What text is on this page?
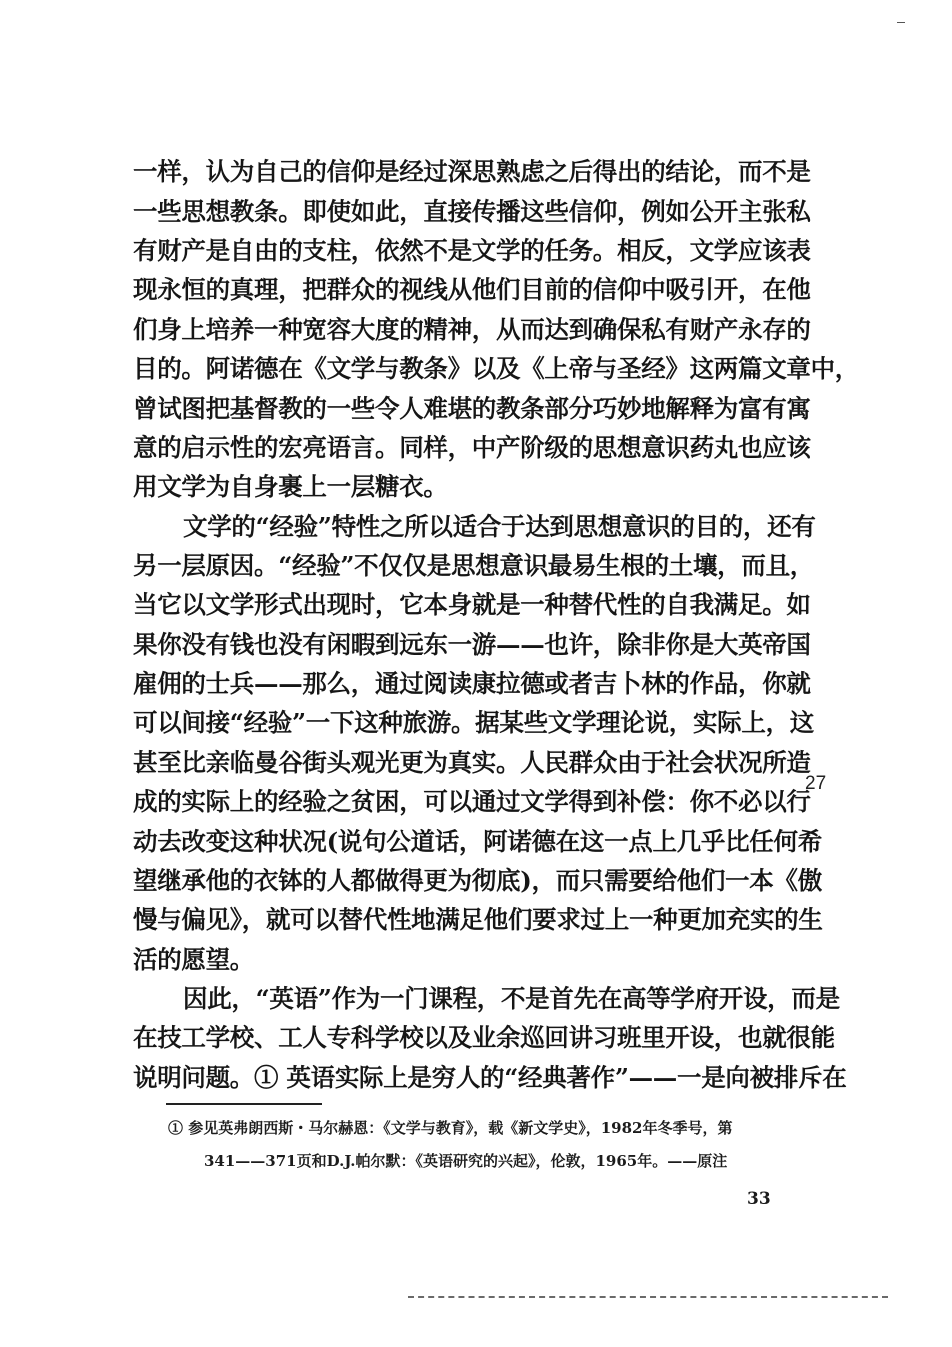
一样，认为自己的信仰是经过深思熟虑之后得出的结论，而不是
一些思想教条。即使如此，直接传播这些信仰，例如公开主张私
有财产是自由的支柱，依然不是文学的任务。相反，文学应该表
现永恒的真理，把群众的视线从他们目前的信仰中吸引开，在他
们身上培养一种宽容大度的精神，从而达到确保私有财产永存的
目的。阿诺德在《文学与教条》以及《上帝与圣经》这两篇文章中，
曾试图把基督教的一些令人难堪的教条部分巧妙地解释为富有寓
意的启示性的宏亮语言。同样，中产阶级的思想意识药丸也应该
用文学为自身裹上一层糖衣。
文学的“经验”特性之所以适合于达到思想意识的目的，还有
另一层原因。“经验”不仅仅是思想意识最易生根的土壤，而且，
当它以文学形式出现时，它本身就是一种替代性的自我满足。如
果你没有钱也没有闲暇到远东一游——也许，除非你是大英帝国
雇佣的士兵——那么，通过阅读康拉德或者吉卜林的作品，你就
可以间接“经验”一下这种旅游。据某些文学理论说，实际上，这
甚至比亲临曼谷街头观光更为真实。人民群众由于社会状况所造
成的实际上的经验之贫困，可以通过文学得到补偿：你不必以行
动去改变这种状况(说句公道话，阿诺德在这一点上几乎比任何希
望继承他的衣钵的人都做得更为彻底)，而只需要给他们一本《傲
慢与偏见》，就可以替代性地满足他们要求过上一种更加充实的生
活的愿望。
因此，“英语”作为一门课程，不是首先在高等学府开设，而是
在技工学校、工人专科学校以及业余巡回讲习班里开设，也就很能
说明问题。① 英语实际上是穷人的“经典著作”——一是向被排斥在
27
① 参见英弗朗西斯・马尔赫恩：《文学与教育》，载《新文学史》，1982年冬季号，第
341——371页和D.J.帕尔默：《英语研究的兴起》，伦敦，1965年。——原注
33
